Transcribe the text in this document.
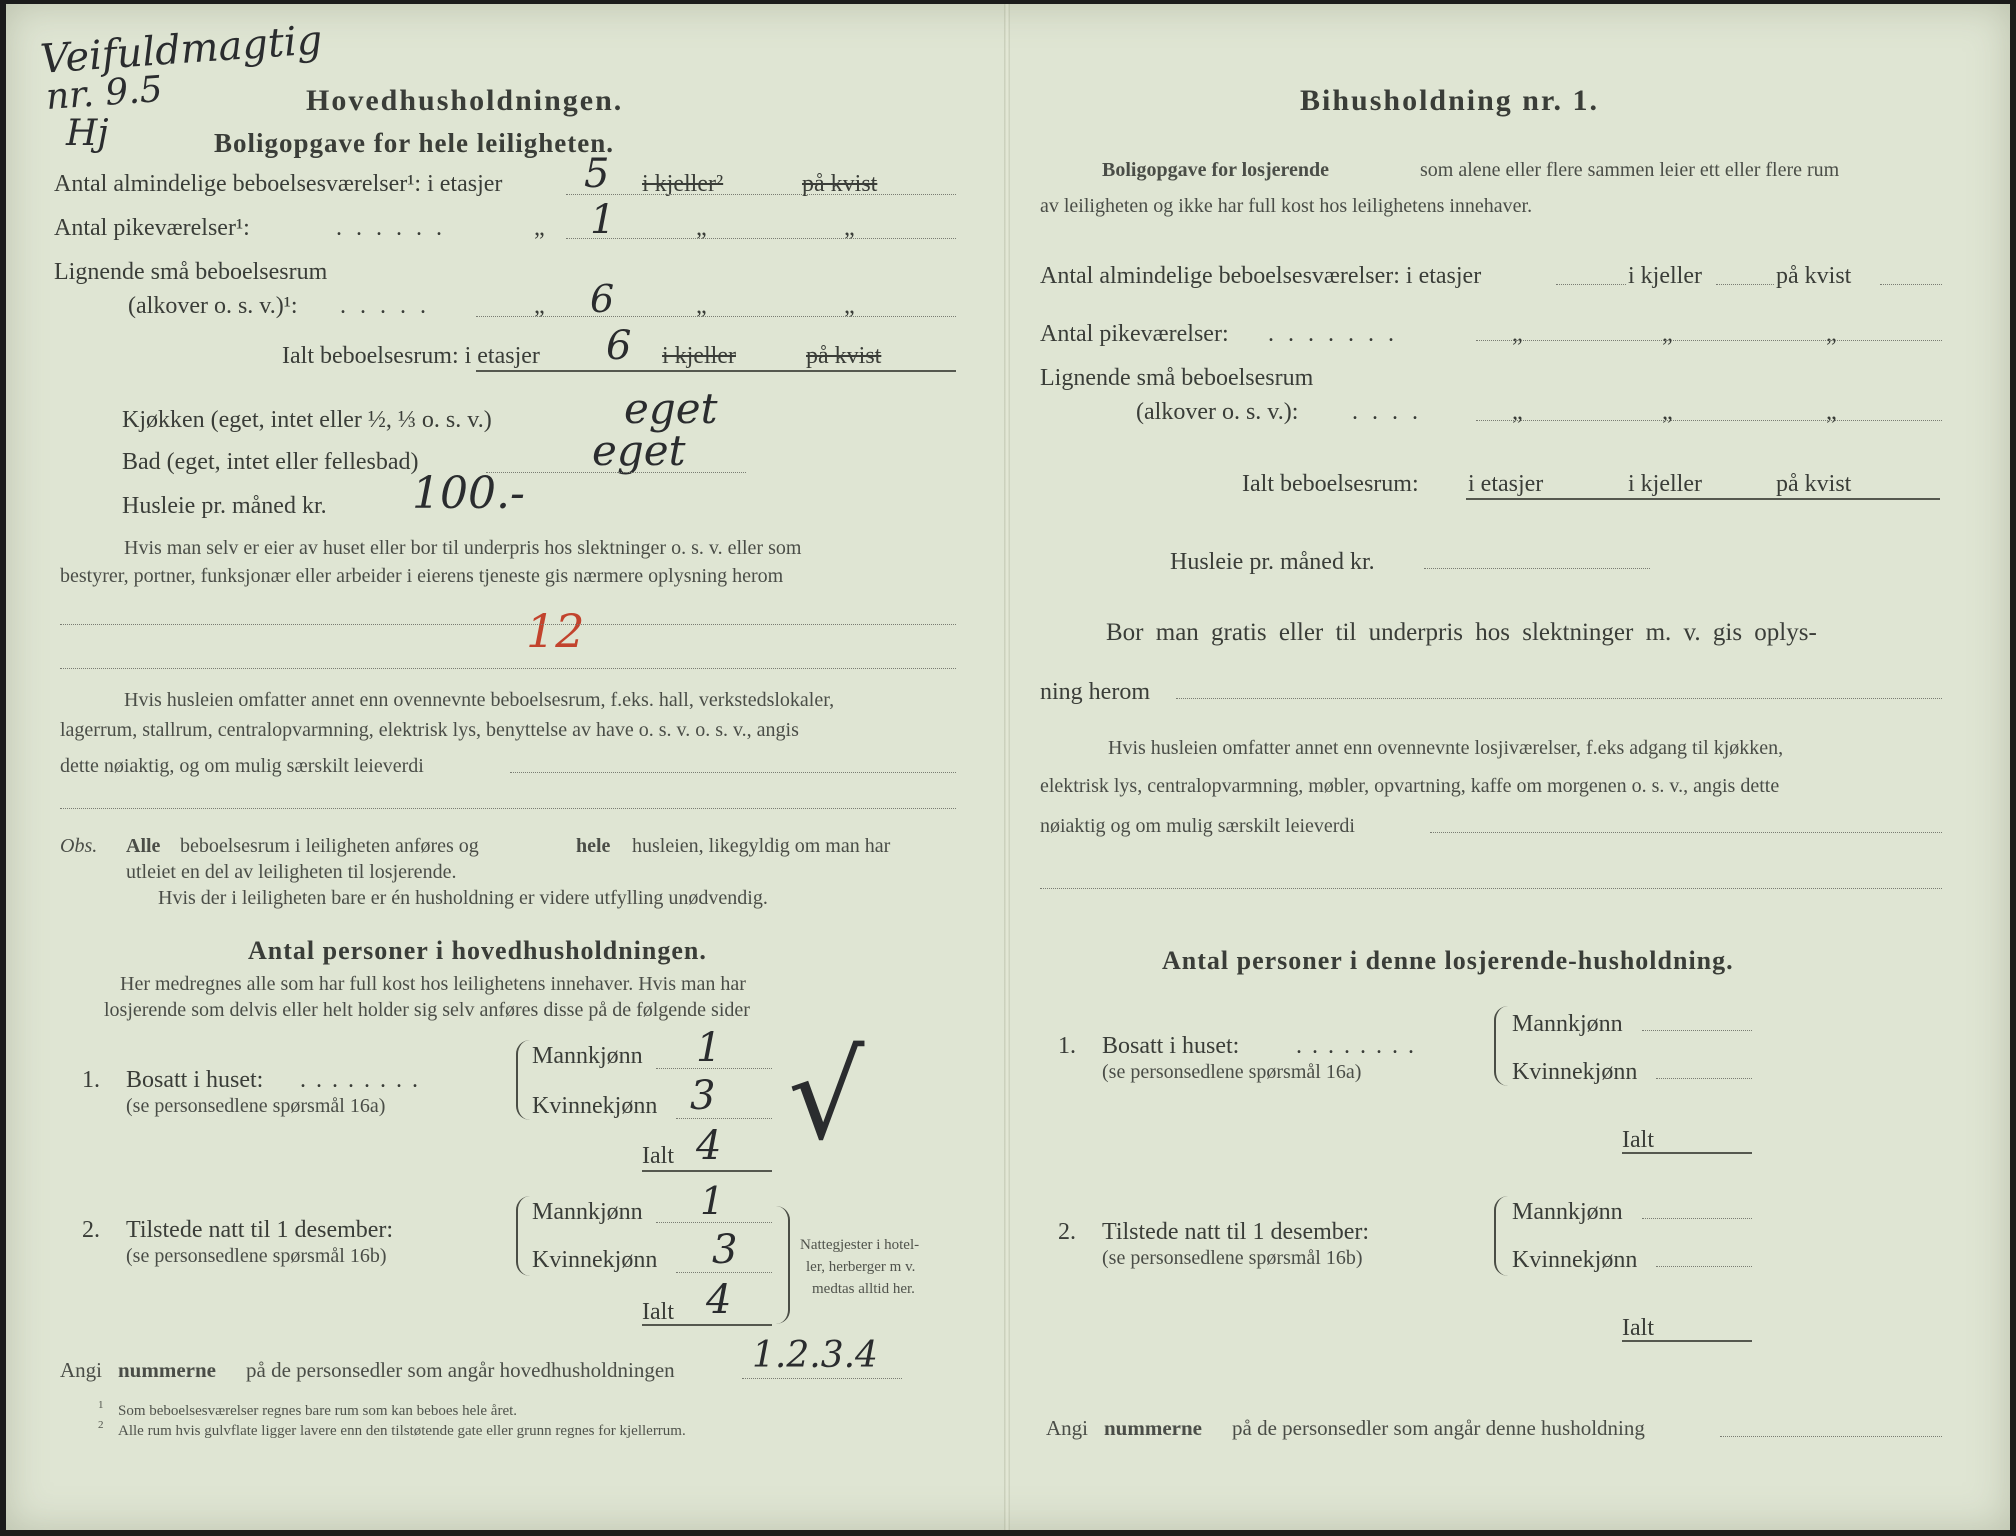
Veifuldmagtig
nr. 9.5
Hj
Hovedhusholdningen.
Boligopgave for hele leiligheten.
Antal almindelige beboelsesværelser¹: i etasjer 5 i kjeller²	på kvist
Antal pikeværelser¹:	......	„ 1	„	„
Lignende små beboelsesrum
(alkover o. s. v.)¹: .....	„ 6	„	„
Ialt beboelsesrum: i etasjer 6 i kjeller	på kvist
Kjøkken (eget, intet eller ½, ⅓ o. s. v.)	eget
Bad (eget, intet eller fellesbad)	eget
Husleie pr. måned kr. 100.-
Hvis man selv er eier av huset eller bor til underpris hos slektninger o. s. v. eller som
bestyrer, portner, funksjonær eller arbeider i eierens tjeneste gis nærmere oplysning herom
12
Hvis husleien omfatter annet enn ovennevnte beboelsesrum, f.eks. hall, verkstedslokaler,
lagerrum, stallrum, centralopvarmning, elektrisk lys, benyttelse av have o. s. v. o. s. v., angis
dette nøiaktig, og om mulig særskilt leieverdi
Obs. Alle beboelsesrum i leiligheten anføres og	hele husleien, likegyldig om man har
utleiet en del av leiligheten til losjerende.
Hvis der i leiligheten bare er én husholdning er videre utfylling unødvendig.
Antal personer i hovedhusholdningen.
Her medregnes alle som har full kost hos leilighetens innehaver. Hvis man har
losjerende som delvis eller helt holder sig selv anføres disse på de følgende sider
1. Bosatt i huset: ........
(se personsedlene spørsmål 16a)
Mannkjønn 1
Kvinnekjønn 3
Ialt 4 √
2. Tilstede natt til 1 desember:
(se personsedlene spørsmål 16b)
Mannkjønn 1
Kvinnekjønn 3
Ialt 4
Nattegjester i hotel-
ler, herberger m v.
medtas alltid her.
Angi nummerne på de personsedler som angår hovedhusholdningen 1.2.3.4
1 Som beboelsesværelser regnes bare rum som kan beboes hele året.
2 Alle rum hvis gulvflate ligger lavere enn den tilstøtende gate eller grunn regnes for kjellerrum.
Bihusholdning nr. 1.
Boligopgave for losjerende	som alene eller flere sammen leier ett eller flere rum
av leiligheten og ikke har full kost hos leilighetens innehaver.
Antal almindelige beboelsesværelser: i etasjer	i kjeller	på kvist
Antal pikeværelser: .......	„	„	„
Lignende små beboelsesrum
(alkover o. s. v.): ....	„	„	„
Ialt beboelsesrum: i etasjer	i kjeller	på kvist
Husleie pr. måned kr.
Bor man gratis eller til underpris hos slektninger m. v. gis oplys-
ning herom
Hvis husleien omfatter annet enn ovennevnte losjiværelser, f.eks adgang til kjøkken,
elektrisk lys, centralopvarmning, møbler, opvartning, kaffe om morgenen o. s. v., angis dette
nøiaktig og om mulig særskilt leieverdi
Antal personer i denne losjerende-husholdning.
1. Bosatt i huset: ........
(se personsedlene spørsmål 16a)
Mannkjønn
Kvinnekjønn
Ialt
2. Tilstede natt til 1 desember:
(se personsedlene spørsmål 16b)
Mannkjønn
Kvinnekjønn
Ialt
Angi nummerne på de personsedler som angår denne husholdning
